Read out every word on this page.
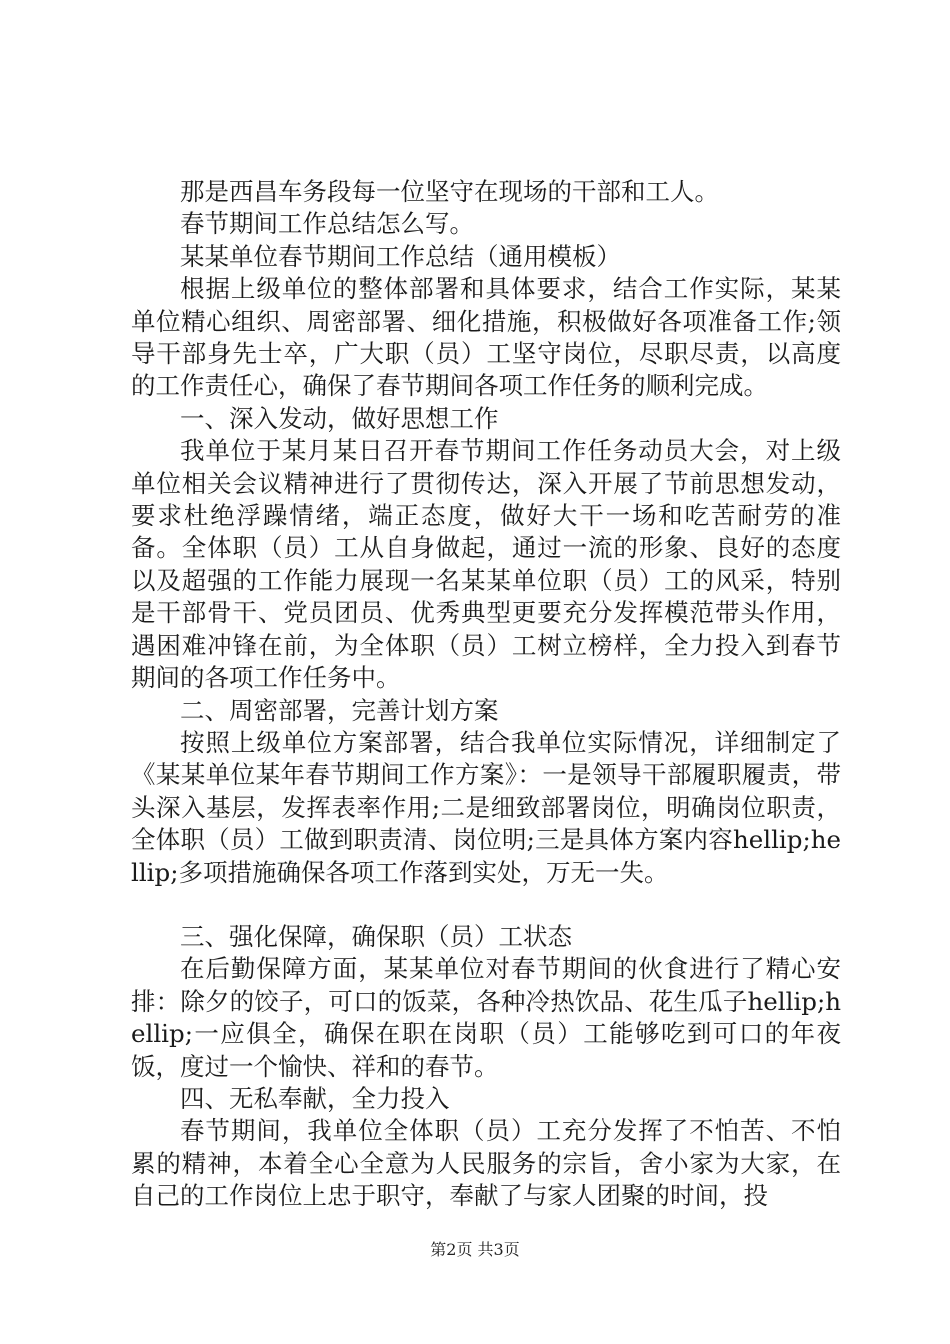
那是西昌车务段每一位坚守在现场的干部和工人。

春节期间工作总结怎么写。

某某单位春节期间工作总结（通用模板）

根据上级单位的整体部署和具体要求，结合工作实际，某某单位精心组织、周密部署、细化措施，积极做好各项准备工作;领导干部身先士卒，广大职（员）工坚守岗位，尽职尽责，以高度的工作责任心，确保了春节期间各项工作任务的顺利完成。

一、深入发动，做好思想工作

我单位于某月某日召开春节期间工作任务动员大会，对上级单位相关会议精神进行了贯彻传达，深入开展了节前思想发动，要求杜绝浮躁情绪，端正态度，做好大干一场和吃苦耐劳的准备。全体职（员）工从自身做起，通过一流的形象、良好的态度以及超强的工作能力展现一名某某单位职（员）工的风采，特别是干部骨干、党员团员、优秀典型更要充分发挥模范带头作用，遇困难冲锋在前，为全体职（员）工树立榜样，全力投入到春节期间的各项工作任务中。

二、周密部署，完善计划方案

按照上级单位方案部署，结合我单位实际情况，详细制定了《某某单位某年春节期间工作方案》：一是领导干部履职履责，带头深入基层，发挥表率作用;二是细致部署岗位，明确岗位职责，全体职（员）工做到职责清、岗位明;三是具体方案内容hellip;hellip;多项措施确保各项工作落到实处，万无一失。

三、强化保障，确保职（员）工状态

在后勤保障方面，某某单位对春节期间的伙食进行了精心安排：除夕的饺子，可口的饭菜，各种冷热饮品、花生瓜子hellip;hellip;一应俱全，确保在职在岗职（员）工能够吃到可口的年夜饭，度过一个愉快、祥和的春节。

四、无私奉献，全力投入

春节期间，我单位全体职（员）工充分发挥了不怕苦、不怕累的精神，本着全心全意为人民服务的宗旨，舍小家为大家，在自己的工作岗位上忠于职守，奉献了与家人团聚的时间，投

第2页 共3页
